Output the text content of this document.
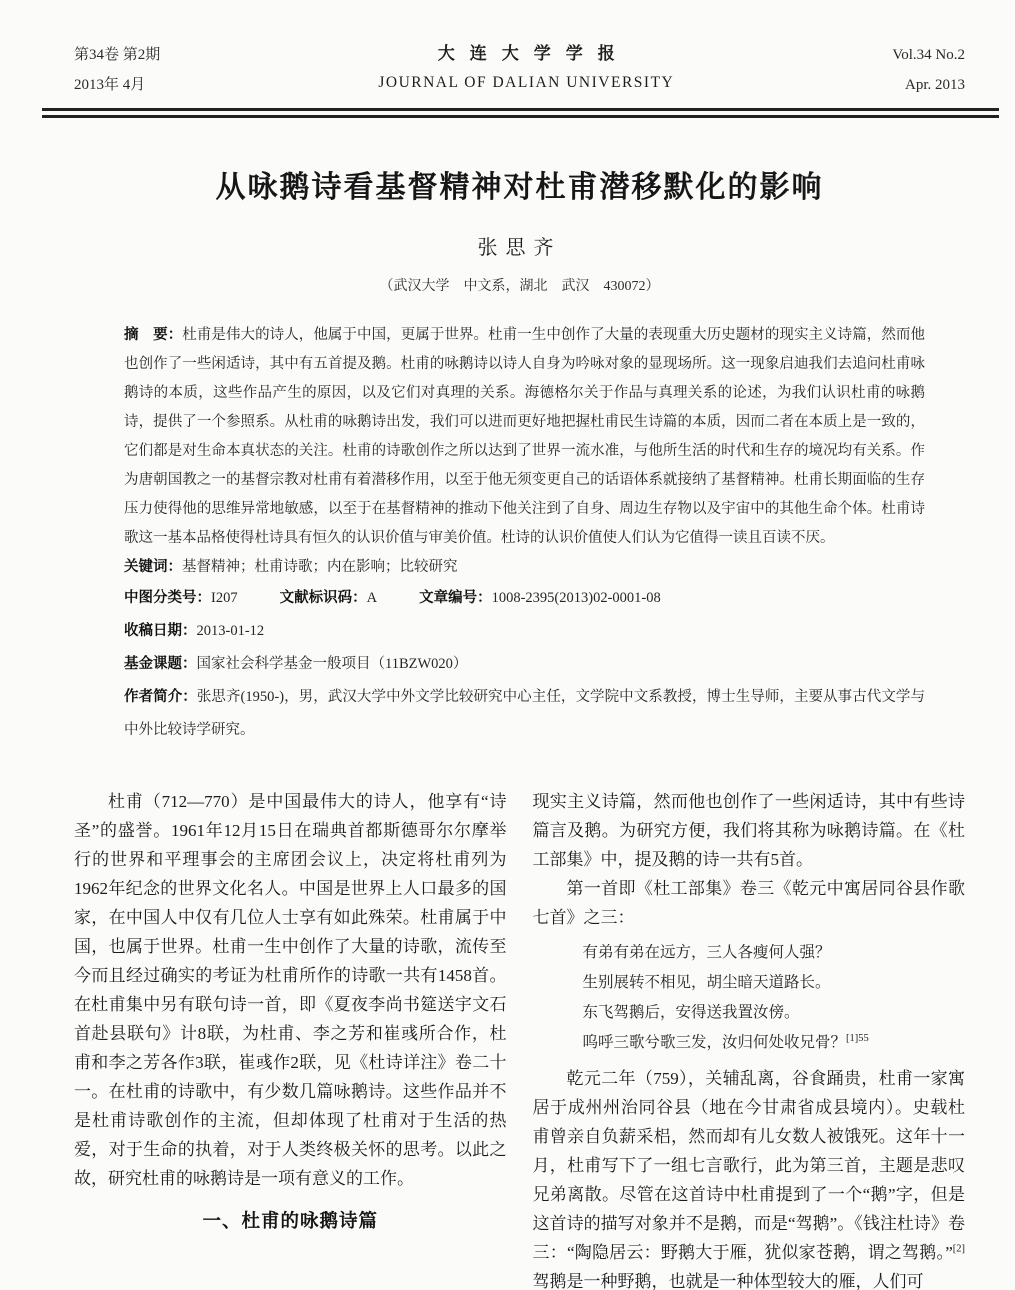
第34卷 第2期
2013年 4月
大连大学学报
JOURNAL OF DALIAN UNIVERSITY
Vol.34 No.2
Apr. 2013
从咏鹅诗看基督精神对杜甫潜移默化的影响
张思齐
（武汉大学　中文系，湖北　武汉　430072）
摘　要：杜甫是伟大的诗人，他属于中国，更属于世界。杜甫一生中创作了大量的表现重大历史题材的现实主义诗篇，然而他也创作了一些闲适诗，其中有五首提及鹅。杜甫的咏鹅诗以诗人自身为吟咏对象的显现场所。这一现象启迪我们去追问杜甫咏鹅诗的本质，这些作品产生的原因，以及它们对真理的关系。海德格尔关于作品与真理关系的论述，为我们认识杜甫的咏鹅诗，提供了一个参照系。从杜甫的咏鹅诗出发，我们可以进而更好地把握杜甫民生诗篇的本质，因而二者在本质上是一致的，它们都是对生命本真状态的关注。杜甫的诗歌创作之所以达到了世界一流水准，与他所生活的时代和生存的境况均有关系。作为唐朝国教之一的基督宗教对杜甫有着潜移作用，以至于他无须变更自己的话语体系就接纳了基督精神。杜甫长期面临的生存压力使得他的思维异常地敏感，以至于在基督精神的推动下他关注到了自身、周边生存物以及宇宙中的其他生命个体。杜甫诗歌这一基本品格使得杜诗具有恒久的认识价值与审美价值。杜诗的认识价值使人们认为它值得一读且百读不厌。
关键词：基督精神；杜甫诗歌；内在影响；比较研究
中图分类号：I207	文献标识码：A	文章编号：1008-2395(2013)02-0001-08
收稿日期：2013-01-12
基金课题：国家社会科学基金一般项目（11BZW020）
作者简介：张思齐(1950-)，男，武汉大学中外文学比较研究中心主任，文学院中文系教授，博士生导师，主要从事古代文学与中外比较诗学研究。

杜甫（712—770）是中国最伟大的诗人，他享有“诗圣”的盛誉。1961年12月15日在瑞典首都斯德哥尔尔摩举行的世界和平理事会的主席团会议上，决定将杜甫列为1962年纪念的世界文化名人。中国是世界上人口最多的国家，在中国人中仅有几位人士享有如此殊荣。杜甫属于中国，也属于世界。杜甫一生中创作了大量的诗歌，流传至今而且经过确实的考证为杜甫所作的诗歌一共有1458首。在杜甫集中另有联句诗一首，即《夏夜李尚书筵送宇文石首赴县联句》计8联，为杜甫、李之芳和崔彧所合作，杜甫和李之芳各作3联，崔彧作2联，见《杜诗详注》卷二十一。在杜甫的诗歌中，有少数几篇咏鹅诗。这些作品并不是杜甫诗歌创作的主流，但却体现了杜甫对于生活的热爱，对于生命的执着，对于人类终极关怀的思考。以此之故，研究杜甫的咏鹅诗是一项有意义的工作。

一、杜甫的咏鹅诗篇

现实主义诗篇，然而他也创作了一些闲适诗，其中有些诗篇言及鹅。为研究方便，我们将其称为咏鹅诗篇。在《杜工部集》中，提及鹅的诗一共有5首。

第一首即《杜工部集》卷三《乾元中寓居同谷县作歌七首》之三：

有弟有弟在远方，三人各瘦何人强？
生别展转不相见，胡尘暗天道路长。
东飞驾鹅后，安得送我置汝傍。
呜呼三歌兮歌三发，汝归何处收兄骨？$^{[1]55}$

乾元二年（759），关辅乱离，谷食踊贵，杜甫一家寓居于成州州治同谷县（地在今甘肃省成县境内）。史载杜甫曾亲自负薪采梠，然而却有儿女数人被饿死。这年十一月，杜甫写下了一组七言歌行，此为第三首，主题是悲叹兄弟离散。尽管在这首诗中杜甫提到了一个“鹅”字，但是这首诗的描写对象并不是鹅，而是“驾鹅”。《钱注杜诗》卷三：“陶隐居云：野鹅大于雁，犹似家苍鹅，谓之驾鹅。”[2]驾鹅是一种野鹅，也就是一种体型较大的雁，人们可
